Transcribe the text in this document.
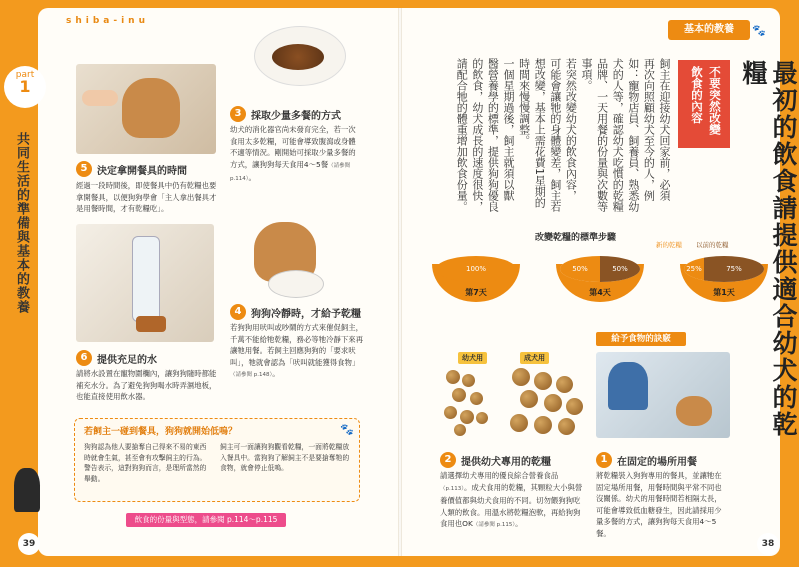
shiba-inu
基本的教養	🐾
part
1
共同生活的準備與基本的教養
39	38
5 決定拿開餐具的時間
經過一段時間後，即使餐具中仍有乾糧也要拿開餐具，以便狗狗學會「主人拿出餐具才是用餐時間，才有乾糧吃」。
6 提供充足的水
請將水設置在寵物圍欄內，讓狗狗隨時都能補充水分。為了避免狗狗喝水時弄濕地板，也能直接使用飲水器。
3 採取少量多餐的方式
幼犬的消化器官尚未發育完全，若一次食用太多乾糧，可能會導致腹瀉或身體不適等情況。剛開始可採取少量多餐的方式，讓狗狗每天食用4～5餐（請參閱 p.114）。
4 狗狗冷靜時，才給予乾糧
若狗狗用吠叫或吵鬧的方式來催促飼主，千萬不能給牠乾糧，務必等牠冷靜下來再讓牠用餐。若飼主回應狗狗的「要求吠叫」，牠就會認為「吠叫就能獲得食物」（請參閱 p.148）。
若飼主一碰到餐具，狗狗就開始低嗚？	🐾
狗狗認為他人要搶奪自己得來不易的東西時就會生氣，甚至會有攻擊飼主的行為。警告表示，這對狗狗而言，是理所當然的舉動。
飼主可一面讓狗狗觀看乾糧，一面將乾糧放入餐具中。當狗狗了解飼主不是要搶奪牠的食物，就會停止低嗚。
飲食的份量與型態，請參閱 p.114～p.115
最初的飲食請提供適合幼犬的乾糧
不要突然改變
飲食的內容
飼主在迎接幼犬回家前，必須
再次向照顧幼犬至今的人，例
如：寵物店員、飼養員、熟悉幼
犬的人等，確認幼犬吃慣的乾糧
品牌、一天用餐的份量與次數等
事項。
若突然改變幼犬的飲食內容，
可能會讓牠的身體變差，飼主若
想改變，基本上需花費1星期的
時間來慢慢調整。
一個星期過後，飼主就須以獸
醫營養學的標準，提供狗狗優良
的飲食，幼犬成長的速度很快，
請配合牠的體重增加飲食份量。
改變乾糧的標準步驟
新的乾糧 以前的乾糧
25%	75%
第1天
50%	50%
第4天
100%
第7天
幼犬用	成犬用
2 提供幼犬專用的乾糧
請選擇幼犬專用的優良綜合營養食品（p.113）。成犬食用的乾糧，其顆粒大小與營養價值都與幼犬食用的不同。切勿餵狗狗吃人類的飲食。用溫水將乾糧泡軟，再給狗狗食用也OK（請參閱 p.115）。
給予食物的訣竅
1 在固定的場所用餐
將乾糧裝入狗狗專用的餐具，並讓牠在固定場所用餐，用餐時間與平常不同也沒關係。幼犬的用餐時間若相隔太長，可能會導致低血糖發生，因此請採用少量多餐的方式，讓狗狗每天食用4～5餐。
